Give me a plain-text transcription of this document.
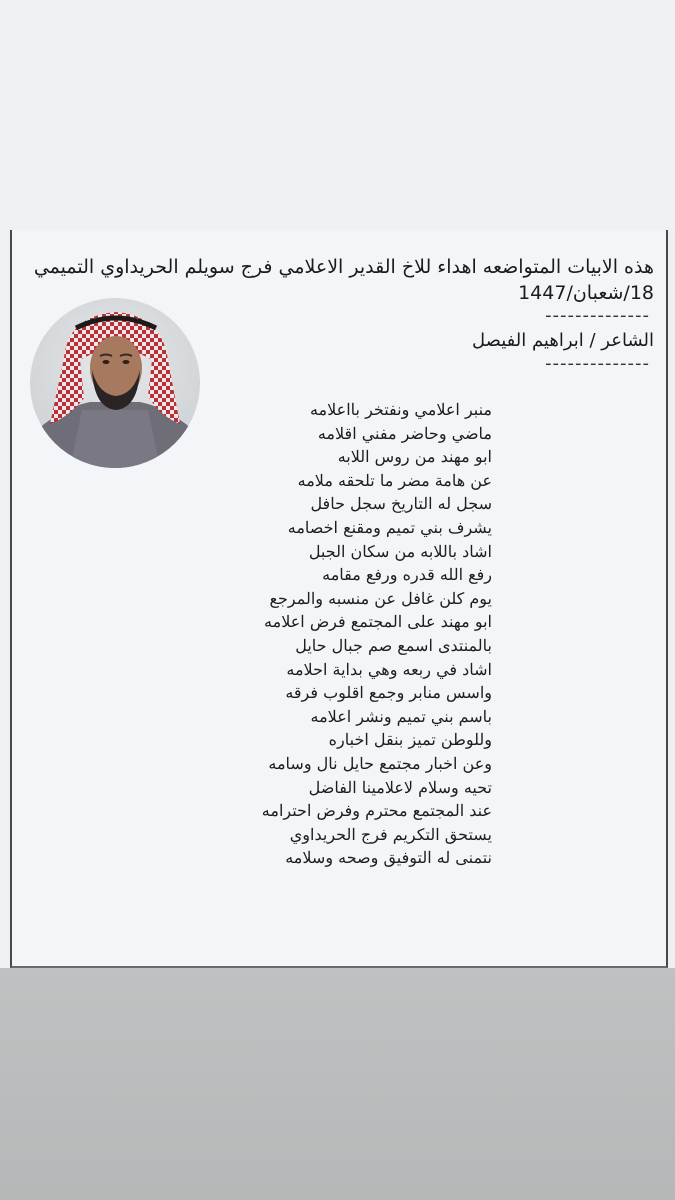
هذه الابيات المتواضعه اهداء للاخ القدير الاعلامي فرج سويلم الحريداوي التميمي
18/شعبان/1447
--------------
الشاعر / ابراهيم الفيصل
--------------
منبر اعلامي ونفتخر بااعلامه
ماضي وحاضر مفني اقلامه
ابو مهند من روس اللابه
عن هامة مضر ما تلحقه ملامه
سجل له التاريخ سجل حافل
يشرف بني تميم ومقنع اخصامه
اشاد باللابه من سكان الجبل
رفع الله قدره ورفع مقامه
يوم كلن غافل عن منسبه والمرجع
ابو مهند على المجتمع فرض اعلامه
بالمنتدى اسمع صم جبال حايل
اشاد في ربعه وهي بداية احلامه
واسس منابر وجمع اقلوب فرقه
باسم بني تميم ونشر اعلامه
وللوطن تميز بنقل اخباره
وعن اخبار مجتمع حايل نال وسامه
تحيه وسلام لاعلامينا الفاضل
عند المجتمع محترم وفرض احترامه
يستحق التكريم فرج الحريداوي
نتمنى له التوفيق وصحه وسلامه
